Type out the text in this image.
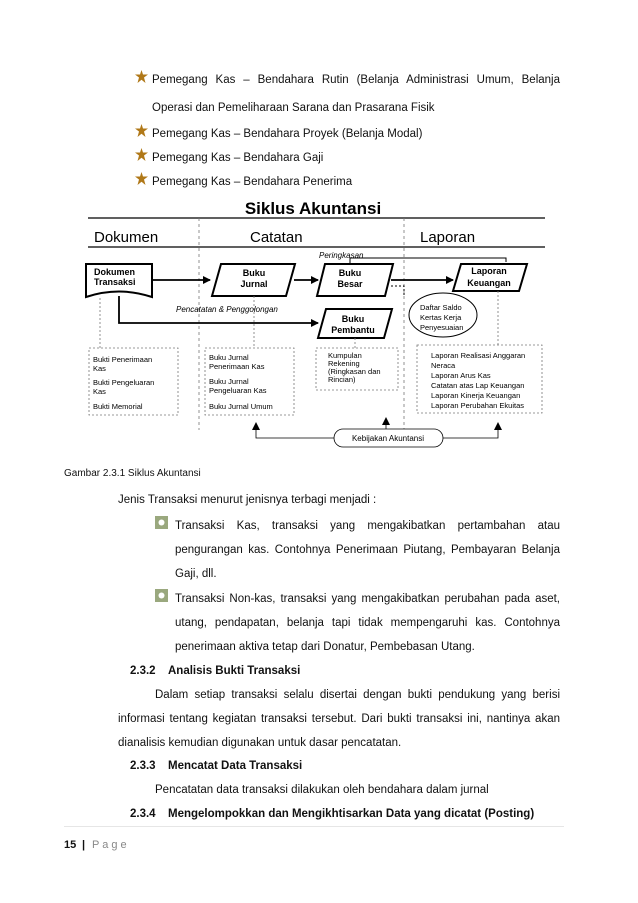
Pemegang Kas – Bendahara Rutin (Belanja Administrasi Umum, Belanja
Operasi dan Pemeliharaan Sarana dan Prasarana Fisik
Pemegang Kas – Bendahara Proyek (Belanja Modal)
Pemegang Kas – Bendahara Gaji
Pemegang Kas – Bendahara Penerima
Siklus Akuntansi
Dokumen	Catatan	Laporan
Dokumen
Transaksi
Buku
Jurnal
Buku
Besar
Buku
Pembantu
Laporan
Keuangan
Daftar Saldo
Kertas Kerja
Penyesuaian
Peringkasan
Pencatatan & Penggolongan
Bukti Penerimaan
Kas
Bukti Pengeluaran
Kas
Bukti Memorial
Buku Jurnal
Penerimaan Kas
Buku Jurnal
Pengeluaran Kas
Buku Jurnal Umum
Kumpulan
Rekening
(Ringkasan dan
Rincian)
Laporan Realisasi Anggaran
Neraca
Laporan Arus Kas
Catatan atas Lap Keuangan
Laporan Kinerja Keuangan
Laporan Perubahan Ekuitas
Kebijakan Akuntansi
Gambar 2.3.1 Siklus Akuntansi
Jenis Transaksi menurut jenisnya terbagi menjadi :
Transaksi Kas, transaksi yang mengakibatkan pertambahan atau
pengurangan kas. Contohnya Penerimaan Piutang, Pembayaran Belanja
Gaji, dll.
Transaksi Non-kas, transaksi yang mengakibatkan perubahan pada aset,
utang, pendapatan, belanja tapi tidak mempengaruhi kas. Contohnya
penerimaan aktiva tetap dari Donatur, Pembebasan Utang.
2.3.2 Analisis Bukti Transaksi
Dalam setiap transaksi selalu disertai dengan bukti pendukung yang berisi
informasi tentang kegiatan transaksi tersebut. Dari bukti transaksi ini, nantinya akan
dianalisis kemudian digunakan untuk dasar pencatatan.
2.3.3 Mencatat Data Transaksi
Pencatatan data transaksi dilakukan oleh bendahara dalam jurnal
2.3.4 Mengelompokkan dan Mengikhtisarkan Data yang dicatat (Posting)
15 | P a g e
